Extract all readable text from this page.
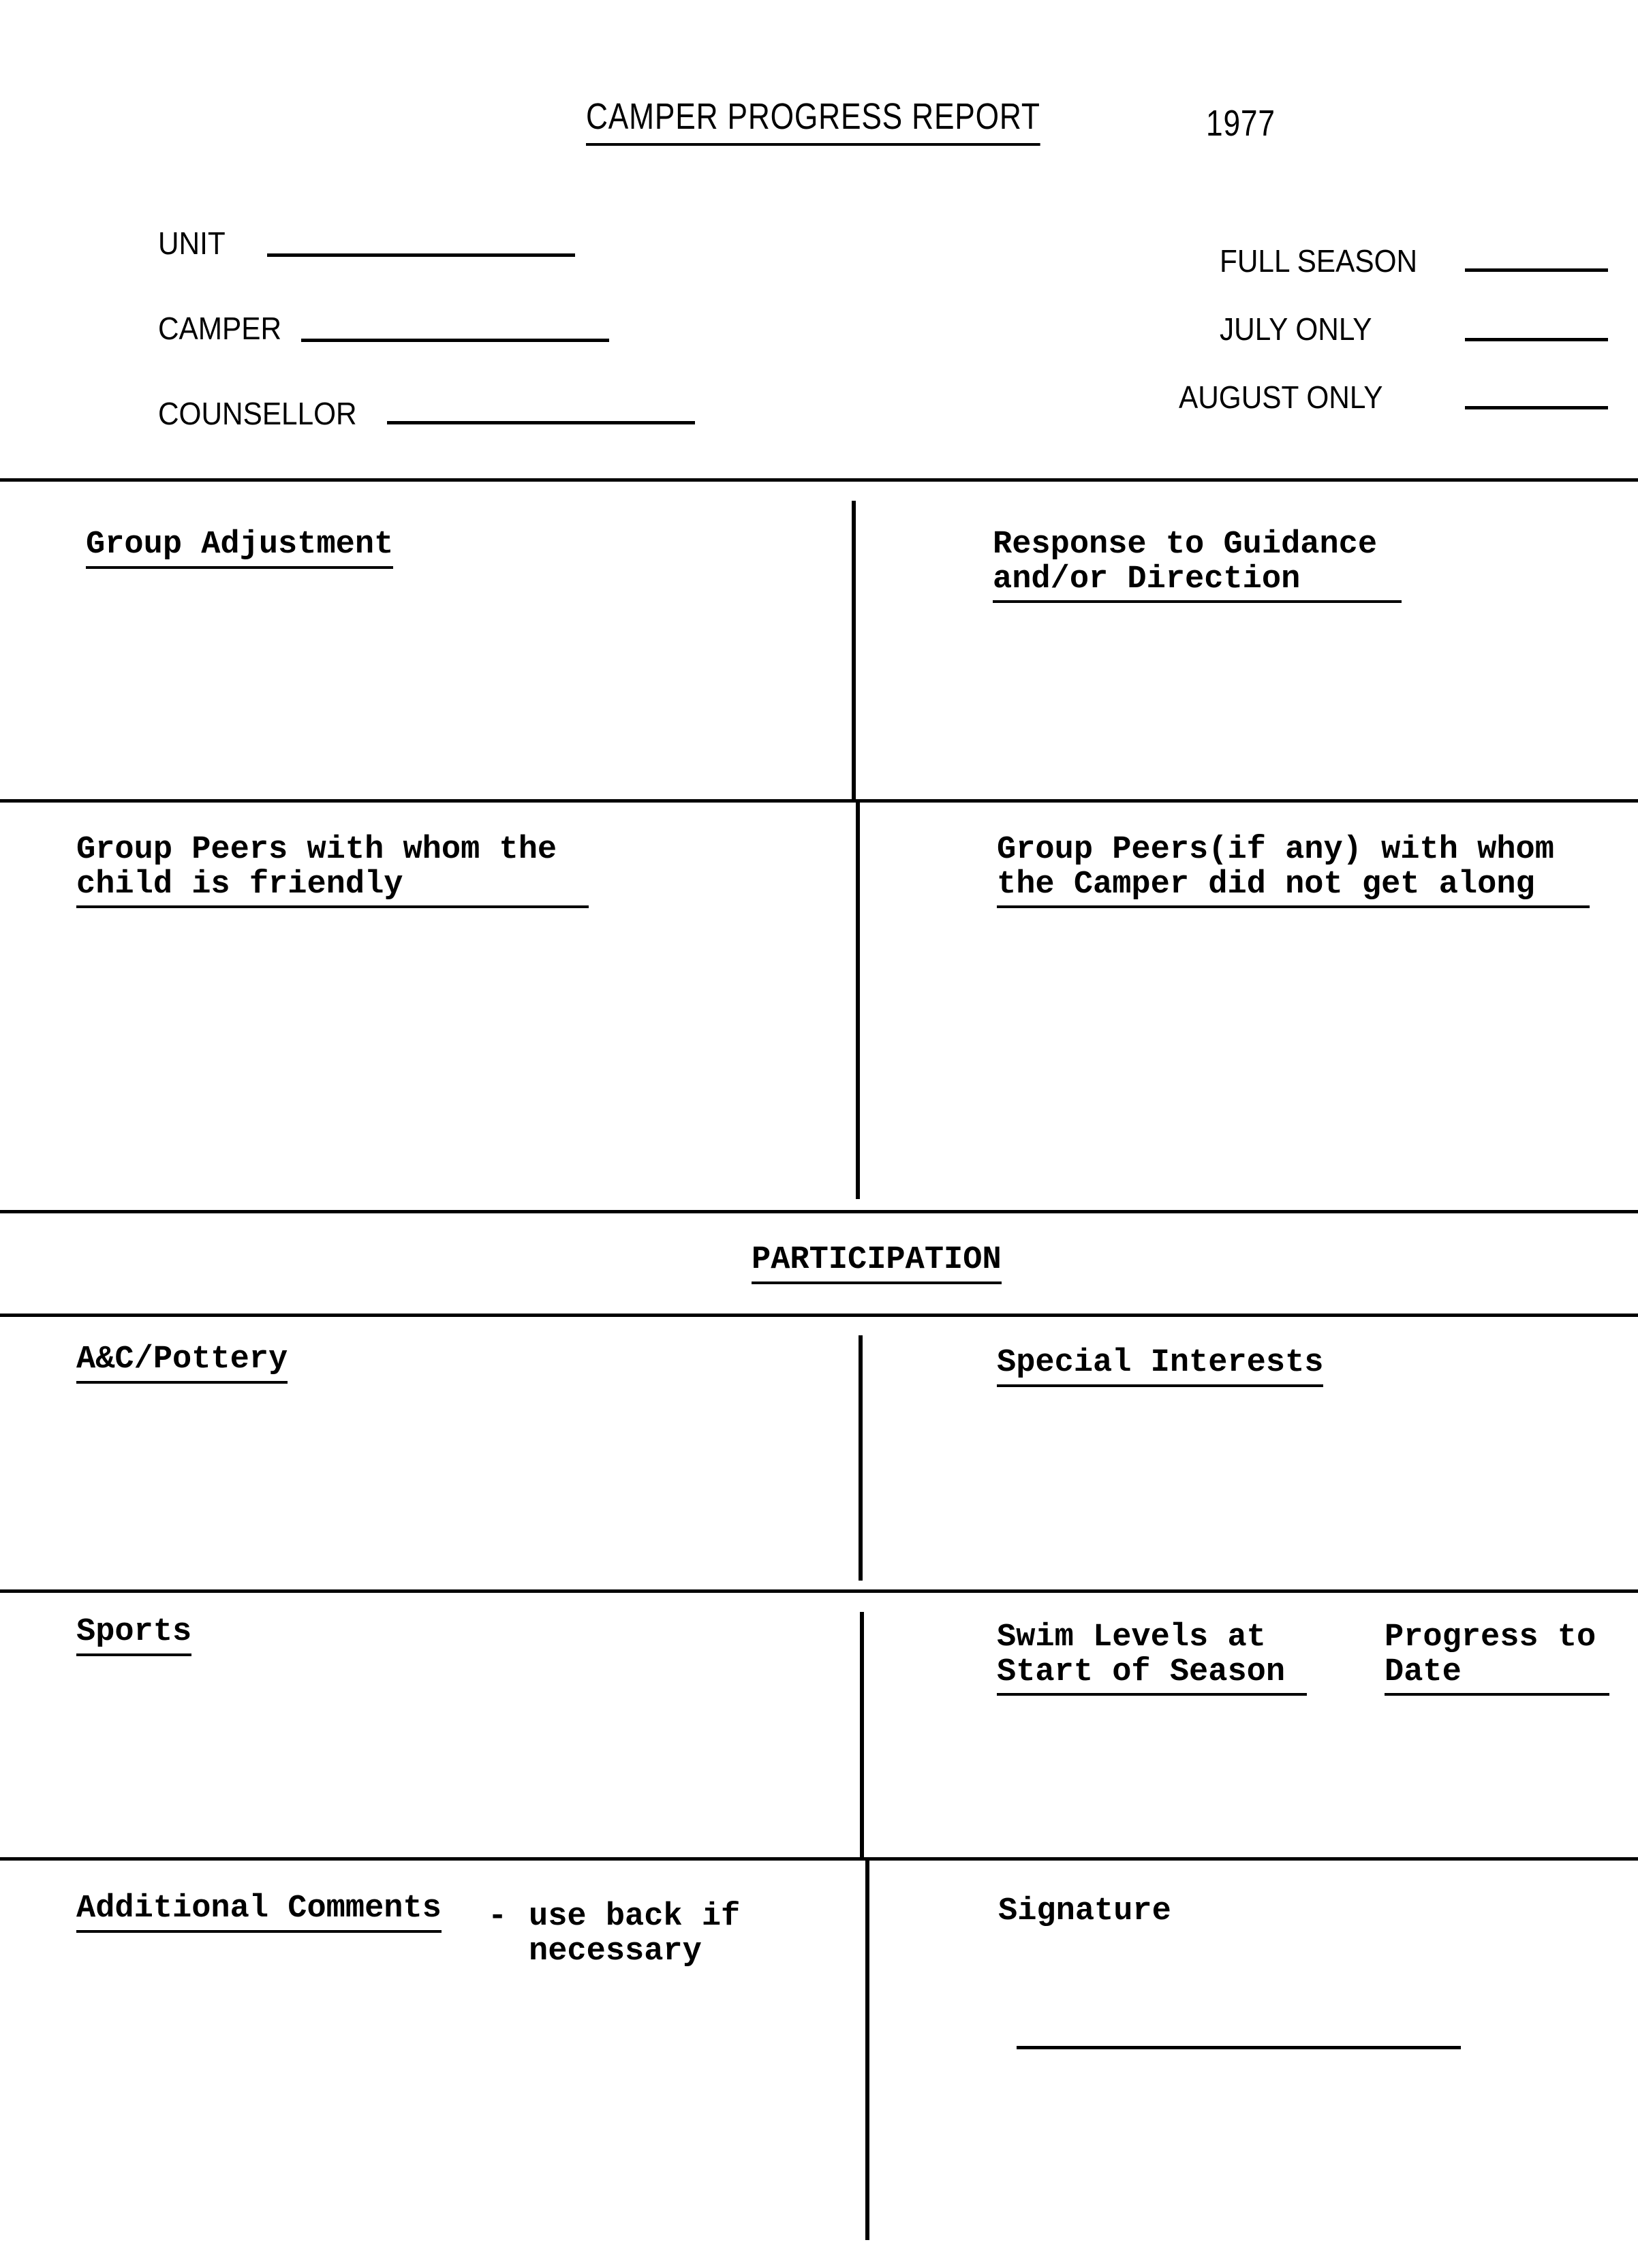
CAMPER PROGRESS REPORT	1977
UNIT
CAMPER
COUNSELLOR
FULL SEASON
JULY ONLY
AUGUST ONLY
Group Adjustment	Response to Guidance
and/or Direction
Group Peers with whom the
child is friendly
Group Peers(if any) with whom
the Camper did not get along
PARTICIPATION
A&C/Pottery	Special Interests
Sports	Swim Levels at
Start of Season
Progress to
Date
Additional Comments - use back if
necessary
Signature
